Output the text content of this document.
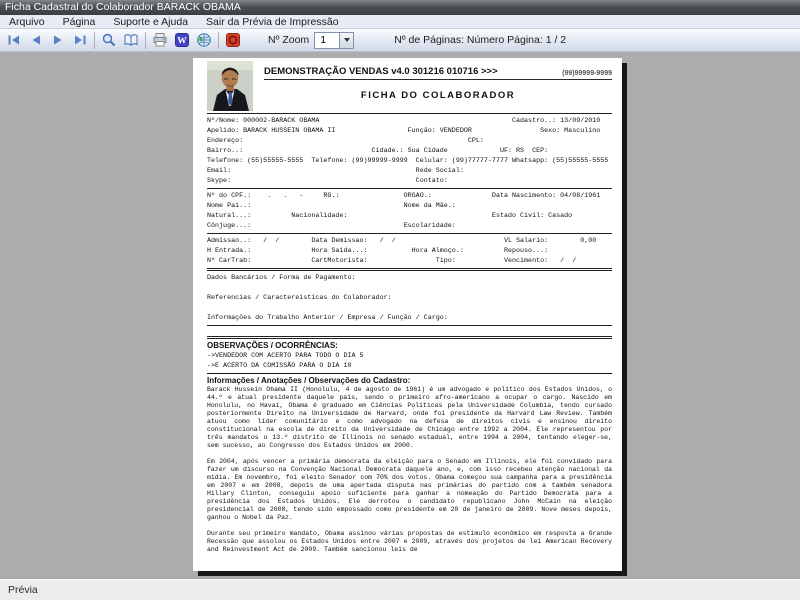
Ficha Cadastral do Colaborador BARACK OBAMA
Arquivo	Página	Suporte e Ajuda	Sair da Prévia de Impressão
W	Nº Zoom	1	Nº de Páginas: Número Página: 1 / 2
DEMONSTRAÇÃO VENDAS v4.0 301216 010716 >>>	(99)99999-9999
FICHA DO COLABORADOR
Nº/Nome: 000002-BARACK OBAMA                                                Cadastro..: 13/09/2010
Apelido: BARACK HUSSEIN OBAMA II                  Função: VENDEDOR                 Sexo: Masculino
Endereço:                                                        CPL:
Bairro..:                                Cidade.: Sua Cidade             UF: RS  CEP:
Telefone: (55)55555-5555  Telefone: (99)99999-9999  Celular: (99)77777-7777 Whatsapp: (55)55555-5555
Email:                                              Rede Social:
Skype:                                              Contato:
Nº do CPF.:    .   .   -     RG.:                ORGAO.:               Data Nascimento: 04/08/1961
Nome Pai..:                                      Nome da Mãe.:
Natural...:          Nacionalidade:                                    Estado Civil: Casado
Cônjuge...:                                      Escolaridade:
Admissao..:   /  /        Data Demissao:   /  /                           VL Salario:        0,00
H Entrada.:               Hora Saida...:           Hora Almoço.:          Repouso...:
Nº CarTrab:               CartMotorista:                 Tipo:            Vencimento:   /  /
Dados Bancários / Forma de Pagamento:
Referencias / Caractereisticas do Colaborador:
Informações do Trabalho Anterior / Empresa / Função / Cargo:
OBSERVAÇÕES / OCORRÊNCIAS:
->VENDEDOR COM ACERTO PARA TODO O DIA 5
->E ACERTO DA COMISSÃO PARA O DIA 10
Informações / Anotações / Observações do Cadastro:
Barack Hussein Obama II (Honolulu, 4 de agosto de 1961) é um advogado e político dos Estados Unidos, o 44.º e atual presidente daquele país, sendo o primeiro afro-americano a ocupar o cargo. Nascido em Honolulu, no Havaí, Obama é graduado em Ciências Políticas pela Universidade Columbia, tendo cursado posteriormente Direito na Universidade de Harvard, onde foi presidente da Harvard Law Review. Também atuou como líder comunitário e como advogado na defesa de direitos civis e ensinou direito constitucional na escola de direito da Universidade de Chicago entre 1992 a 2004. Ele representou por três mandatos o 13.º distrito de Illinois no senado estadual, entre 1994 a 2004, tentando eleger-se, sem sucesso, ao Congresso dos Estados Unidos em 2000.
Em 2004, após vencer a primária democrata da eleição para o Senado em Illinois, ele foi convidado para fazer um discurso na Convenção Nacional Democrata daquele ano, e, com isso recebeu atenção nacional da mídia. Em novembro, foi eleito Senador com 70% dos votos. Obama começou sua campanha para a presidência em 2007 e em 2008, depois de uma apertada disputa nas primárias do partido com a também senadora Hillary Clinton, conseguiu apoio suficiente para ganhar a nomeação do Partido Democrata para a presidência dos Estados Unidos. Ele derrotou o candidato republicano John McCain na eleição presidencial de 2008, tendo sido empossado como presidente em 20 de janeiro de 2009. Nove meses depois, ganhou o Nobel da Paz.
Durante seu primeiro mandato, Obama assinou várias propostas de estímulo econômico em resposta a Grande Recessão que assolou os Estados Unidos entre 2007 e 2009, através dos projetos de lei American Recovery and Reinvestment Act de 2009. Também sancionou leis de
Prévia
